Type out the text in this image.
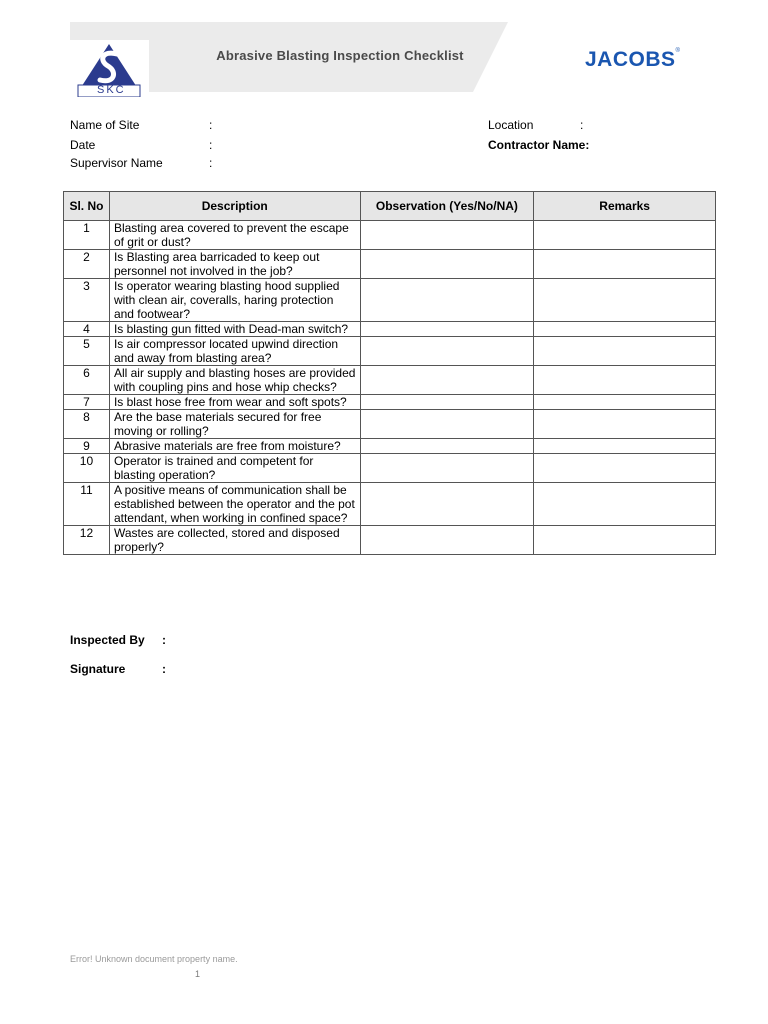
SKC
Abrasive Blasting Inspection Checklist	JACOBS®
Name of Site	:
Date	:
Supervisor Name	:
Location	:
Contractor Name:
Sl. No	Description	Observation (Yes/No/NA)	Remarks
1	Blasting area covered to prevent the escape of grit or dust?		
2	Is Blasting area barricaded to keep out personnel not involved in the job?		
3	Is operator wearing blasting hood supplied with clean air, coveralls, haring protection and footwear?		
4	Is blasting gun fitted with Dead-man switch?		
5	Is air compressor located upwind direction and away from blasting area?		
6	All air supply and blasting hoses are provided with coupling pins and hose whip checks?		
7	Is blast hose free from wear and soft spots?		
8	Are the base materials secured for free moving or rolling?		
9	Abrasive materials are free from moisture?		
10	Operator is trained and competent for blasting operation?		
11	A positive means of communication shall be established between the operator and the pot attendant, when working in confined space?		
12	Wastes are collected, stored and disposed properly?		
Inspected By :
Signature	:
Error! Unknown document property name.
1
